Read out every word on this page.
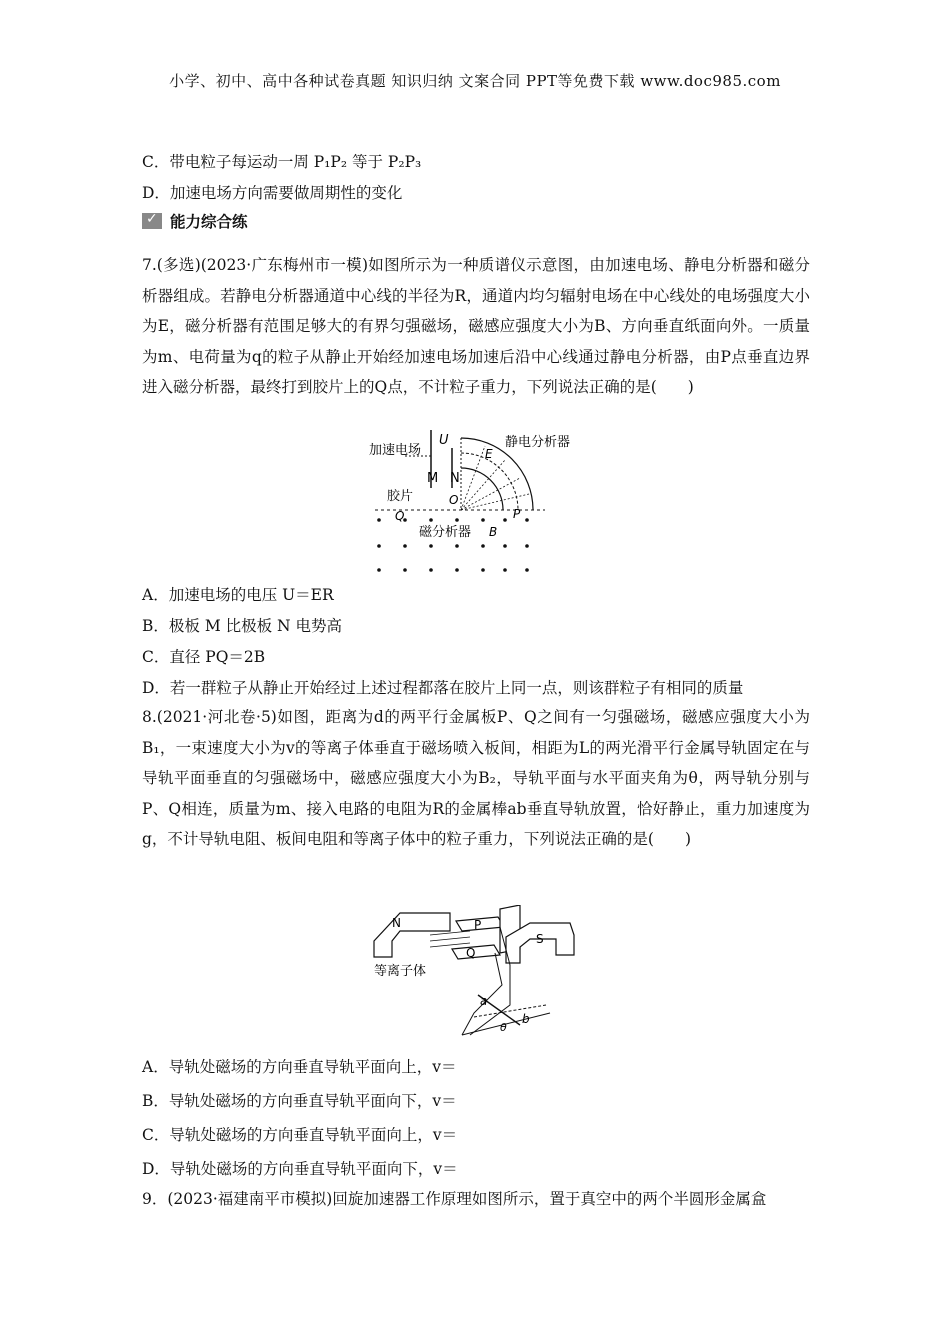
小学、初中、高中各种试卷真题 知识归纳 文案合同 PPT等免费下载 www.doc985.com
C．带电粒子每运动一周 P₁P₂ 等于 P₂P₃
D．加速电场方向需要做周期性的变化
✓
能力综合练
7.(多选)(2023·广东梅州市一模)如图所示为一种质谱仪示意图，由加速电场、静电分析器和磁分析器组成。若静电分析器通道中心线的半径为R，通道内均匀辐射电场在中心线处的电场强度大小为E，磁分析器有范围足够大的有界匀强磁场，磁感应强度大小为B、方向垂直纸面向外。一质量为m、电荷量为q的粒子从静止开始经加速电场加速后沿中心线通过静电分析器，由P点垂直边界进入磁分析器，最终打到胶片上的Q点，不计粒子重力，下列说法正确的是(　　)
加速电场
U	静电分析器
E
M N
O
胶片
Q	P
磁分析器 B
A．加速电场的电压 U＝ER
B．极板 M 比极板 N 电势高
C．直径 PQ＝2B
D．若一群粒子从静止开始经过上述过程都落在胶片上同一点，则该群粒子有相同的质量
8.(2021·河北卷·5)如图，距离为d的两平行金属板P、Q之间有一匀强磁场，磁感应强度大小为B₁，一束速度大小为v的等离子体垂直于磁场喷入板间，相距为L的两光滑平行金属导轨固定在与导轨平面垂直的匀强磁场中，磁感应强度大小为B₂，导轨平面与水平面夹角为θ，两导轨分别与P、Q相连，质量为m、接入电路的电阻为R的金属棒ab垂直导轨放置，恰好静止，重力加速度为g，不计导轨电阻、板间电阻和等离子体中的粒子重力，下列说法正确的是(　　)
N	P
S
Q
等离子体
a
b
θ
A．导轨处磁场的方向垂直导轨平面向上，v＝
B．导轨处磁场的方向垂直导轨平面向下，v＝
C．导轨处磁场的方向垂直导轨平面向上，v＝
D．导轨处磁场的方向垂直导轨平面向下，v＝
9．(2023·福建南平市模拟)回旋加速器工作原理如图所示，置于真空中的两个半圆形金属盒
